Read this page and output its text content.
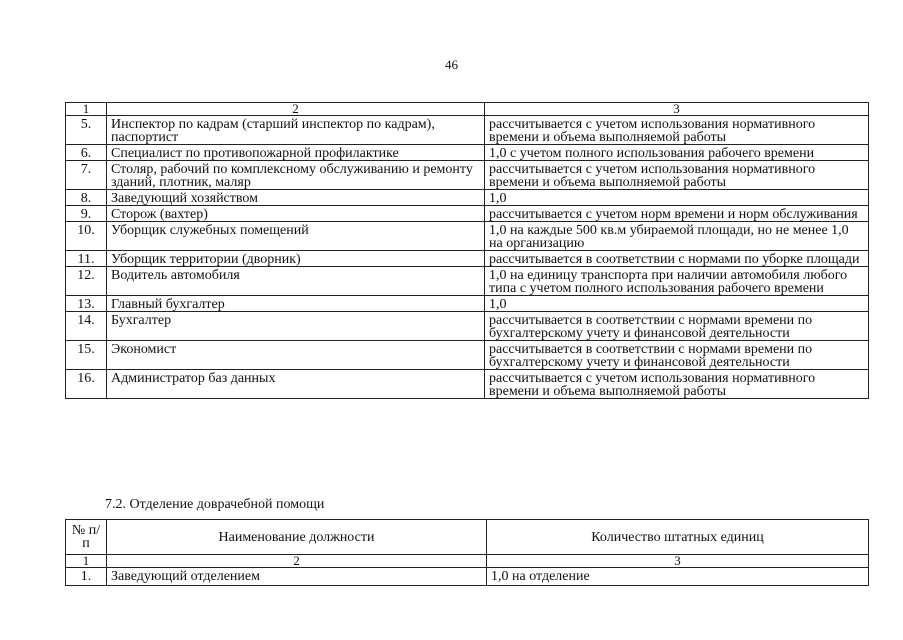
46
1	2	3
5.	Инспектор по кадрам (старший инспектор по кадрам), паспортист	рассчитывается с учетом использования нормативного времени и объема выполняемой работы
6.	Специалист по противопожарной профилактике	1,0 с учетом полного использования рабочего времени
7.	Столяр, рабочий по комплексному обслуживанию и ремонту зданий, плотник, маляр	рассчитывается с учетом использования нормативного времени и объема выполняемой работы
8.	Заведующий хозяйством	1,0
9.	Сторож (вахтер)	рассчитывается с учетом норм времени и норм обслуживания
10.	Уборщик служебных помещений	1,0 на каждые 500 кв.м убираемой площади, но не менее 1,0 на организацию
11.	Уборщик территории (дворник)	рассчитывается в соответствии с нормами по уборке площади
12.	Водитель автомобиля	1,0 на единицу транспорта при наличии автомобиля любого типа с учетом полного использования рабочего времени
13.	Главный бухгалтер	1,0
14.	Бухгалтер	рассчитывается в соответствии с нормами времени по бухгалтерскому учету и финансовой деятельности
15.	Экономист	рассчитывается в соответствии с нормами времени по бухгалтерскому учету и финансовой деятельности
16.	Администратор баз данных	рассчитывается с учетом использования нормативного времени и объема выполняемой работы
7.2. Отделение доврачебной помощи
№ п/п	Наименование должности	Количество штатных единиц
1	2	3
1.	Заведующий отделением	1,0 на отделение
